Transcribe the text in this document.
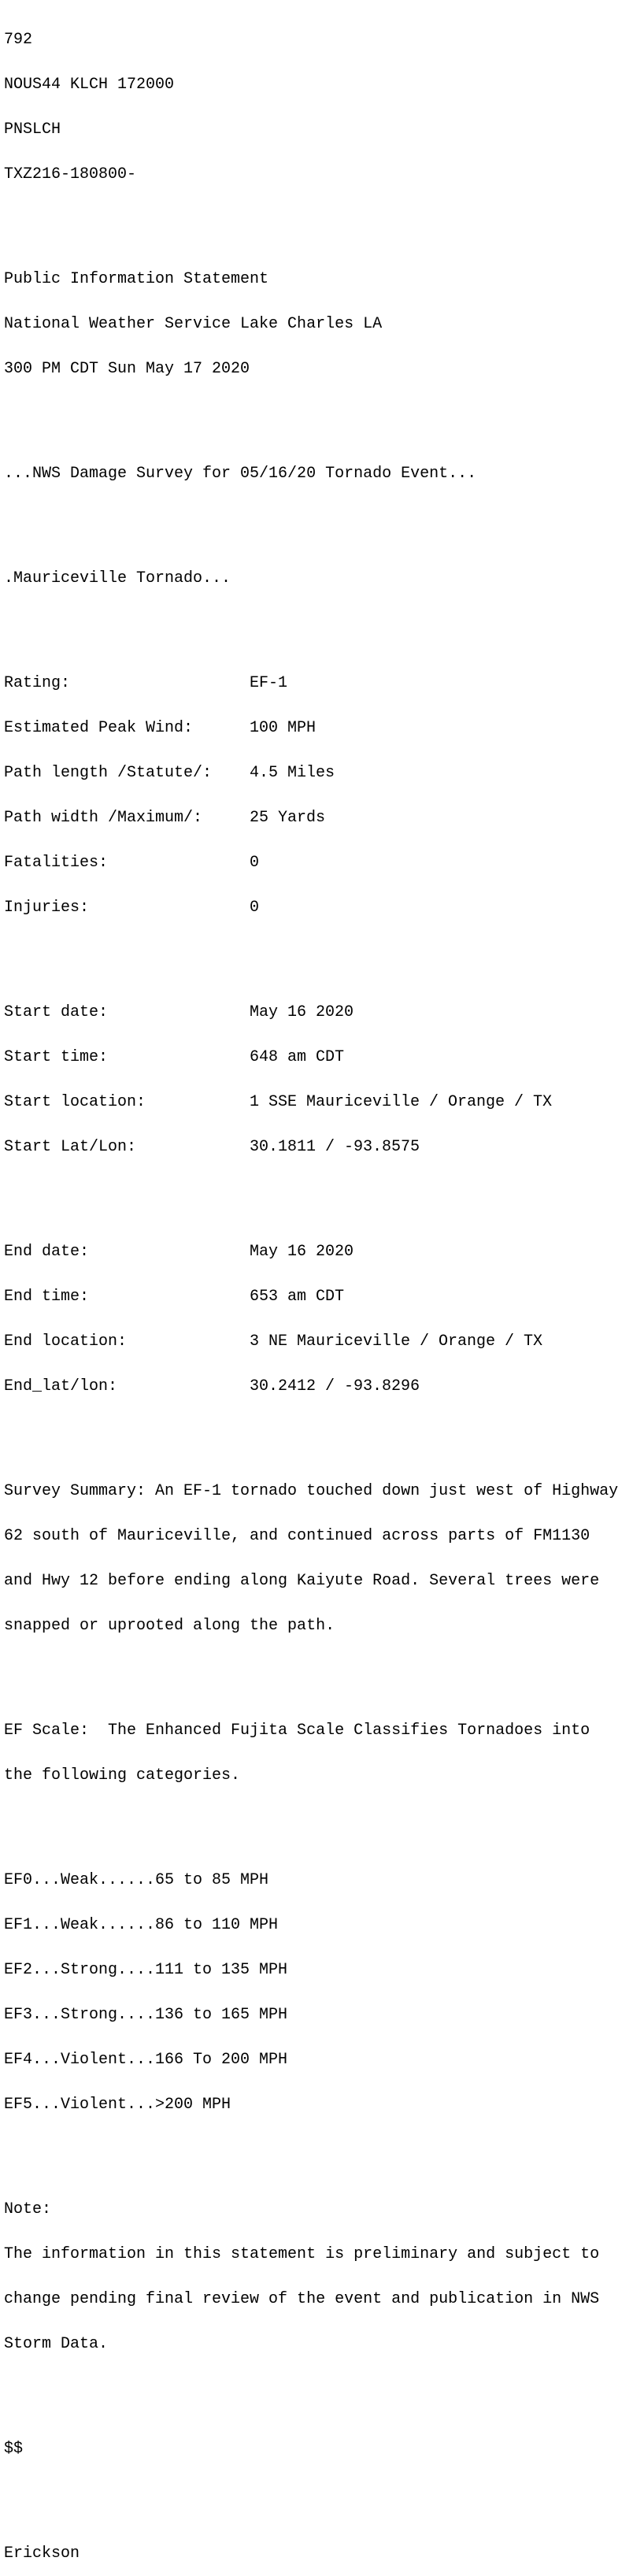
792

NOUS44 KLCH 172000

PNSLCH

TXZ216-180800-

Public Information Statement

National Weather Service Lake Charles LA

300 PM CDT Sun May 17 2020

...NWS Damage Survey for 05/16/20 Tornado Event...

.Mauriceville Tornado...

Rating:	EF-1

Estimated Peak Wind:	100 MPH

Path length /Statute/: 4.5 Miles

Path width /Maximum/:	25 Yards

Fatalities:	0

Injuries:	0

Start date:	May 16 2020

Start time:	648 am CDT

Start location:	1 SSE Mauriceville / Orange / TX

Start Lat/Lon:	30.1811 / -93.8575

End date:	May 16 2020

End time:	653 am CDT

End location:	3 NE Mauriceville / Orange / TX

End_lat/lon:	30.2412 / -93.8296

Survey Summary: An EF-1 tornado touched down just west of Highway

62 south of Mauriceville, and continued across parts of FM1130

and Hwy 12 before ending along Kaiyute Road. Several trees were

snapped or uprooted along the path.

EF Scale:  The Enhanced Fujita Scale Classifies Tornadoes into

the following categories.

EF0...Weak......65 to 85 MPH

EF1...Weak......86 to 110 MPH

EF2...Strong....111 to 135 MPH

EF3...Strong....136 to 165 MPH

EF4...Violent...166 To 200 MPH

EF5...Violent...>200 MPH

Note:

The information in this statement is preliminary and subject to

change pending final review of the event and publication in NWS

Storm Data.

$$

Erickson
